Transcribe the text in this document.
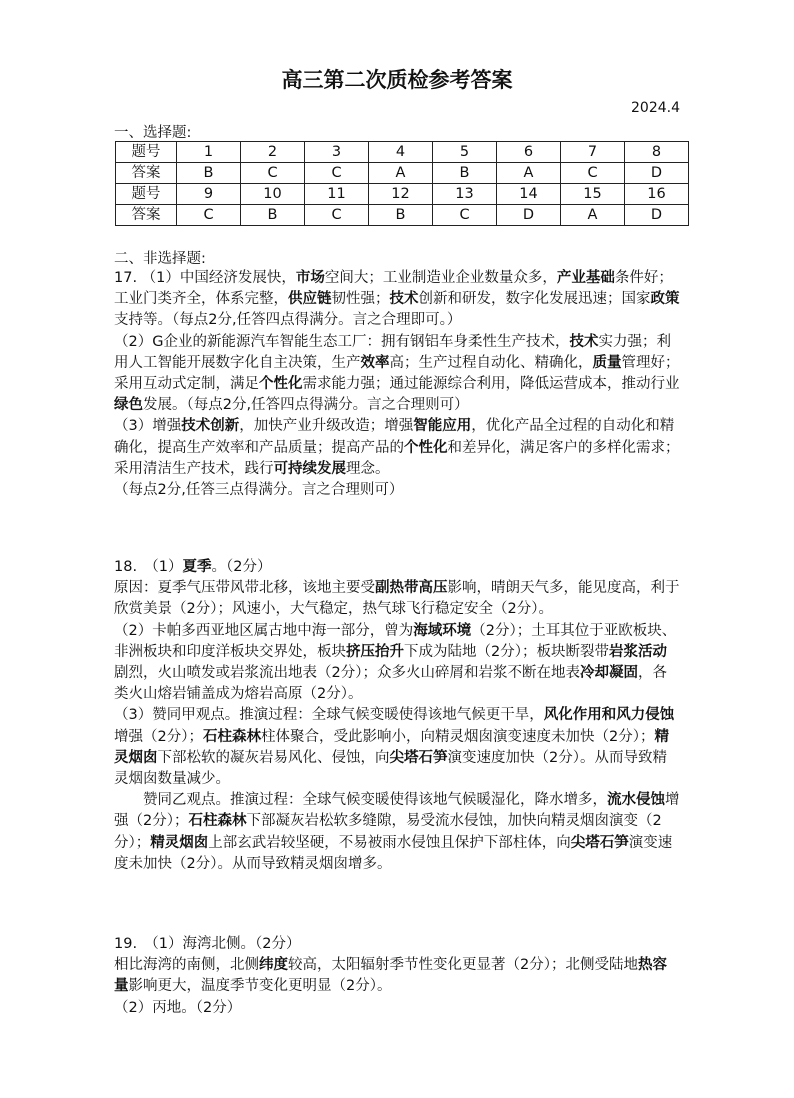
高三第二次质检参考答案
2024.4
一、选择题:
题号	1	2	3	4	5	6	7	8
答案	B	C	C	A	B	A	C	D
题号	9	10	11	12	13	14	15	16
答案	C	B	C	B	C	D	A	D
二、非选择题:

17. （1）中国经济发展快，市场空间大；工业制造业企业数量众多，产业基础条件好；工业门类齐全，体系完整，供应链韧性强；技术创新和研发，数字化发展迅速；国家政策支持等。（每点2分,任答四点得满分。言之合理即可。）

（2）G企业的新能源汽车智能生态工厂：拥有钢铝车身柔性生产技术，技术实力强；利用人工智能开展数字化自主决策，生产效率高；生产过程自动化、精确化，质量管理好；采用互动式定制，满足个性化需求能力强；通过能源综合利用，降低运营成本，推动行业绿色发展。（每点2分,任答四点得满分。言之合理则可）

（3）增强技术创新，加快产业升级改造；增强智能应用，优化产品全过程的自动化和精确化，提高生产效率和产品质量；提高产品的个性化和差异化，满足客户的多样化需求；采用清洁生产技术，践行可持续发展理念。

（每点2分,任答三点得满分。言之合理则可）

18.　（1）夏季。（2分）

原因：夏季气压带风带北移，该地主要受副热带高压影响，晴朗天气多，能见度高，利于欣赏美景（2分）；风速小，大气稳定，热气球飞行稳定安全（2分）。

（2）卡帕多西亚地区属古地中海一部分，曾为海域环境（2分）；土耳其位于亚欧板块、非洲板块和印度洋板块交界处，板块挤压抬升下成为陆地（2分）；板块断裂带岩浆活动剧烈，火山喷发或岩浆流出地表（2分）；众多火山碎屑和岩浆不断在地表冷却凝固，各类火山熔岩铺盖成为熔岩高原（2分）。

（3）赞同甲观点。推演过程：全球气候变暖使得该地气候更干旱，风化作用和风力侵蚀增强（2分）；石柱森林柱体聚合，受此影响小，向精灵烟囱演变速度未加快（2分）；精灵烟囱下部松软的凝灰岩易风化、侵蚀，向尖塔石笋演变速度加快（2分）。从而导致精灵烟囱数量减少。

　　赞同乙观点。推演过程：全球气候变暖使得该地气候暖湿化，降水增多，流水侵蚀增强（2分）；石柱森林下部凝灰岩松软多缝隙，易受流水侵蚀，加快向精灵烟囱演变（2分）；精灵烟囱上部玄武岩较坚硬，不易被雨水侵蚀且保护下部柱体，向尖塔石笋演变速度未加快（2分）。从而导致精灵烟囱增多。

19.　（1）海湾北侧。（2分）

相比海湾的南侧，北侧纬度较高，太阳辐射季节性变化更显著（2分）；北侧受陆地热容量影响更大，温度季节变化更明显（2分）。

（2）丙地。（2分）
